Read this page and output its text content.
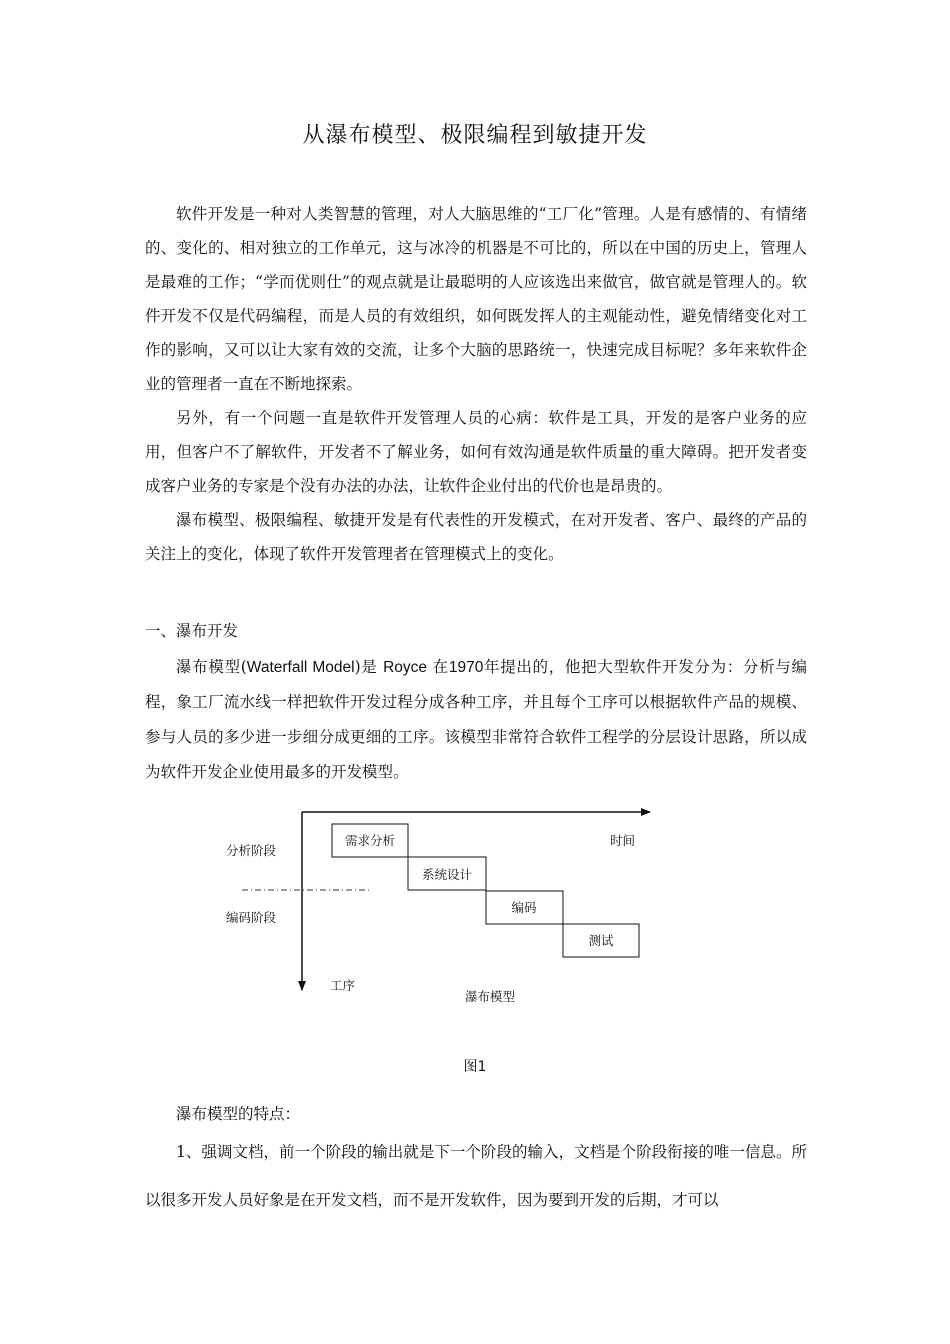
从瀑布模型、极限编程到敏捷开发

软件开发是一种对人类智慧的管理，对人大脑思维的“工厂化”管理。人是有感情的、有情绪的、变化的、相对独立的工作单元，这与冰冷的机器是不可比的，所以在中国的历史上，管理人是最难的工作；“学而优则仕”的观点就是让最聪明的人应该选出来做官，做官就是管理人的。软件开发不仅是代码编程，而是人员的有效组织，如何既发挥人的主观能动性，避免情绪变化对工作的影响，又可以让大家有效的交流，让多个大脑的思路统一，快速完成目标呢？多年来软件企业的管理者一直在不断地探索。

另外，有一个问题一直是软件开发管理人员的心病：软件是工具，开发的是客户业务的应用，但客户不了解软件，开发者不了解业务，如何有效沟通是软件质量的重大障碍。把开发者变成客户业务的专家是个没有办法的办法，让软件企业付出的代价也是昂贵的。

瀑布模型、极限编程、敏捷开发是有代表性的开发模式，在对开发者、客户、最终的产品的关注上的变化，体现了软件开发管理者在管理模式上的变化。

一、瀑布开发

瀑布模型(Waterfall Model)是 Royce 在1970年提出的，他把大型软件开发分为：分析与编程，象工厂流水线一样把软件开发过程分成各种工序，并且每个工序可以根据软件产品的规模、参与人员的多少进一步细分成更细的工序。该模型非常符合软件工程学的分层设计思路，所以成为软件开发企业使用最多的开发模型。

需求分析
系统设计
编码
测试
分析阶段
编码阶段
时间
工序
瀑布模型
图1

瀑布模型的特点：

1、强调文档，前一个阶段的输出就是下一个阶段的输入，文档是个阶段衔接的唯一信息。所以很多开发人员好象是在开发文档，而不是开发软件，因为要到开发的后期，才可以
